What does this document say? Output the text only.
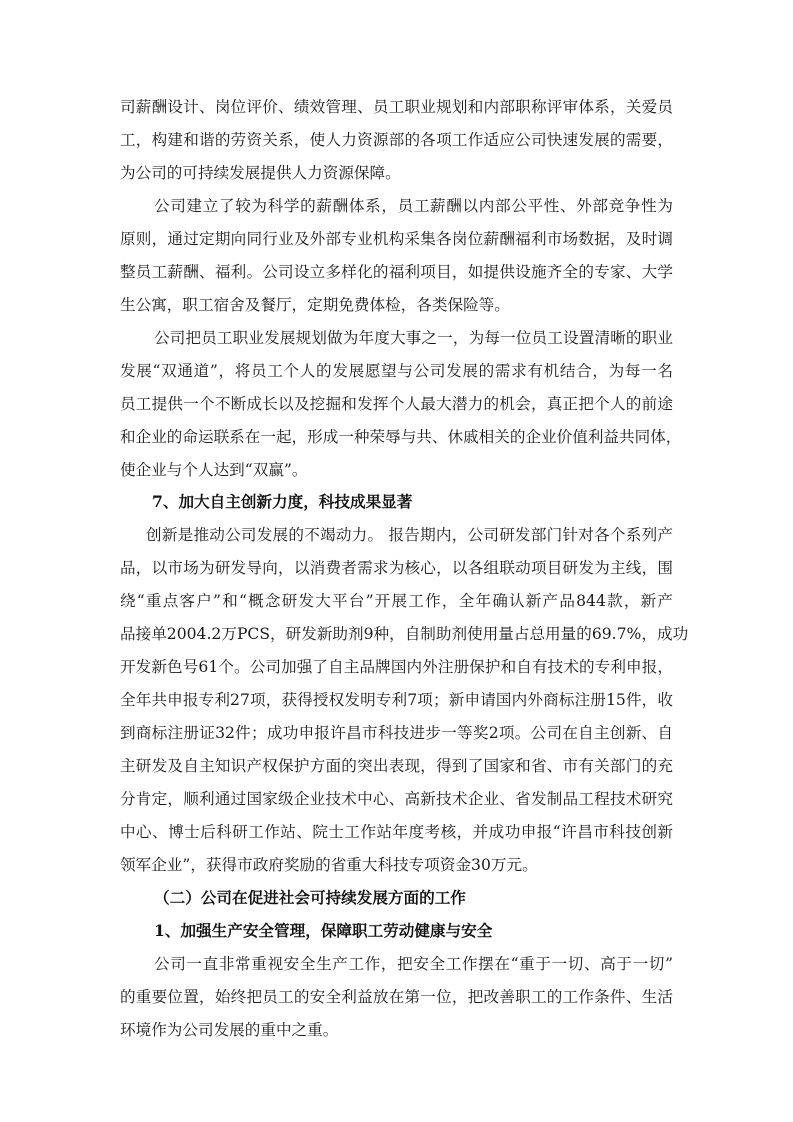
司薪酬设计、岗位评价、绩效管理、员工职业规划和内部职称评审体系，关爱员
工，构建和谐的劳资关系，使人力资源部的各项工作适应公司快速发展的需要，
为公司的可持续发展提供人力资源保障。
公司建立了较为科学的薪酬体系，员工薪酬以内部公平性、外部竞争性为
原则，通过定期向同行业及外部专业机构采集各岗位薪酬福利市场数据，及时调
整员工薪酬、福利。公司设立多样化的福利项目，如提供设施齐全的专家、大学
生公寓，职工宿舍及餐厅，定期免费体检，各类保险等。
公司把员工职业发展规划做为年度大事之一，为每一位员工设置清晰的职业
发展“双通道”，将员工个人的发展愿望与公司发展的需求有机结合，为每一名
员工提供一个不断成长以及挖掘和发挥个人最大潜力的机会，真正把个人的前途
和企业的命运联系在一起，形成一种荣辱与共、休戚相关的企业价值利益共同体，
使企业与个人达到“双赢”。
7、加大自主创新力度，科技成果显著
创新是推动公司发展的不竭动力。 报告期内，公司研发部门针对各个系列产
品，以市场为研发导向，以消费者需求为核心，以各组联动项目研发为主线，围
绕“重点客户”和“概念研发大平台”开展工作，全年确认新产品844款，新产
品接单2004.2万PCS，研发新助剂9种，自制助剂使用量占总用量的69.7%，成功
开发新色号61个。公司加强了自主品牌国内外注册保护和自有技术的专利申报，
全年共申报专利27项，获得授权发明专利7项；新申请国内外商标注册15件，收
到商标注册证32件；成功申报许昌市科技进步一等奖2项。公司在自主创新、自
主研发及自主知识产权保护方面的突出表现，得到了国家和省、市有关部门的充
分肯定，顺利通过国家级企业技术中心、高新技术企业、省发制品工程技术研究
中心、博士后科研工作站、院士工作站年度考核，并成功申报“许昌市科技创新
领军企业”，获得市政府奖励的省重大科技专项资金30万元。
（二）公司在促进社会可持续发展方面的工作
1、加强生产安全管理，保障职工劳动健康与安全
公司一直非常重视安全生产工作，把安全工作摆在“重于一切、高于一切”
的重要位置，始终把员工的安全利益放在第一位，把改善职工的工作条件、生活
环境作为公司发展的重中之重。
